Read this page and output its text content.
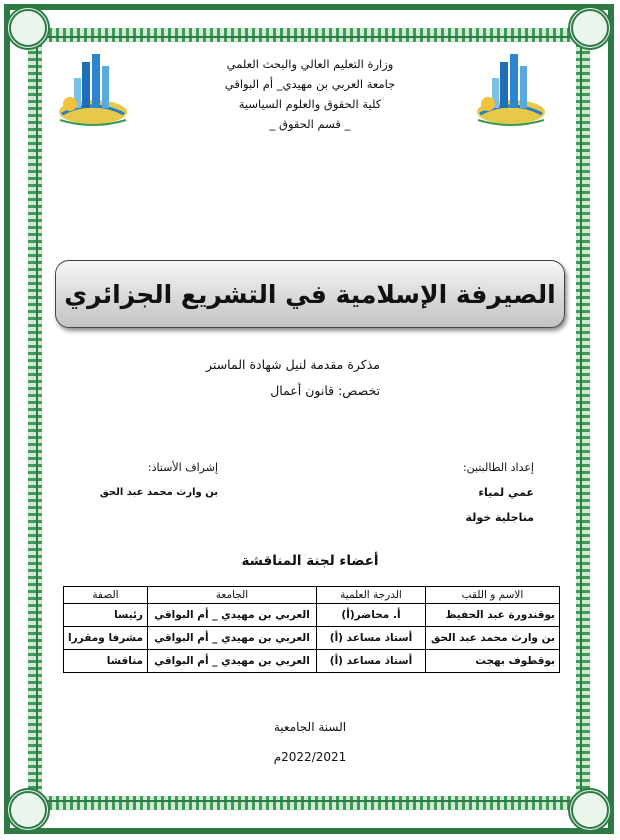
وزارة التعليم العالي والبحث العلمي
جامعة العربي بن مهيدي_ أم البواقي
كلية الحقوق والعلوم السياسية
_ قسم الحقوق _
الصيرفة الإسلامية في التشريع الجزائري
مذكرة مقدمة لنيل شهادة الماستر
تخصص: قانون أعمال
إعداد الطالبتين:
عمي لمياء
مناجلية خولة
إشراف الأستاذ:
بن وارث محمد عبد الحق
أعضاء لجنة المناقشة
الاسم و اللقب	الدرجة العلمية	الجامعة	الصفة
بوقندورة عبد الحفيظ	أ. محاضر(أ)	العربي بن مهيدي _ أم البواقي	رئيسا
بن وارث محمد عبد الحق	أستاذ مساعد (أ)	العربي بن مهيدي _ أم البواقي	مشرفا ومقررا
بوقطوف بهجت	أستاذ مساعد (أ)	العربي بن مهيدي _ أم البواقي	مناقشا
السنة الجامعية
2022/2021م
